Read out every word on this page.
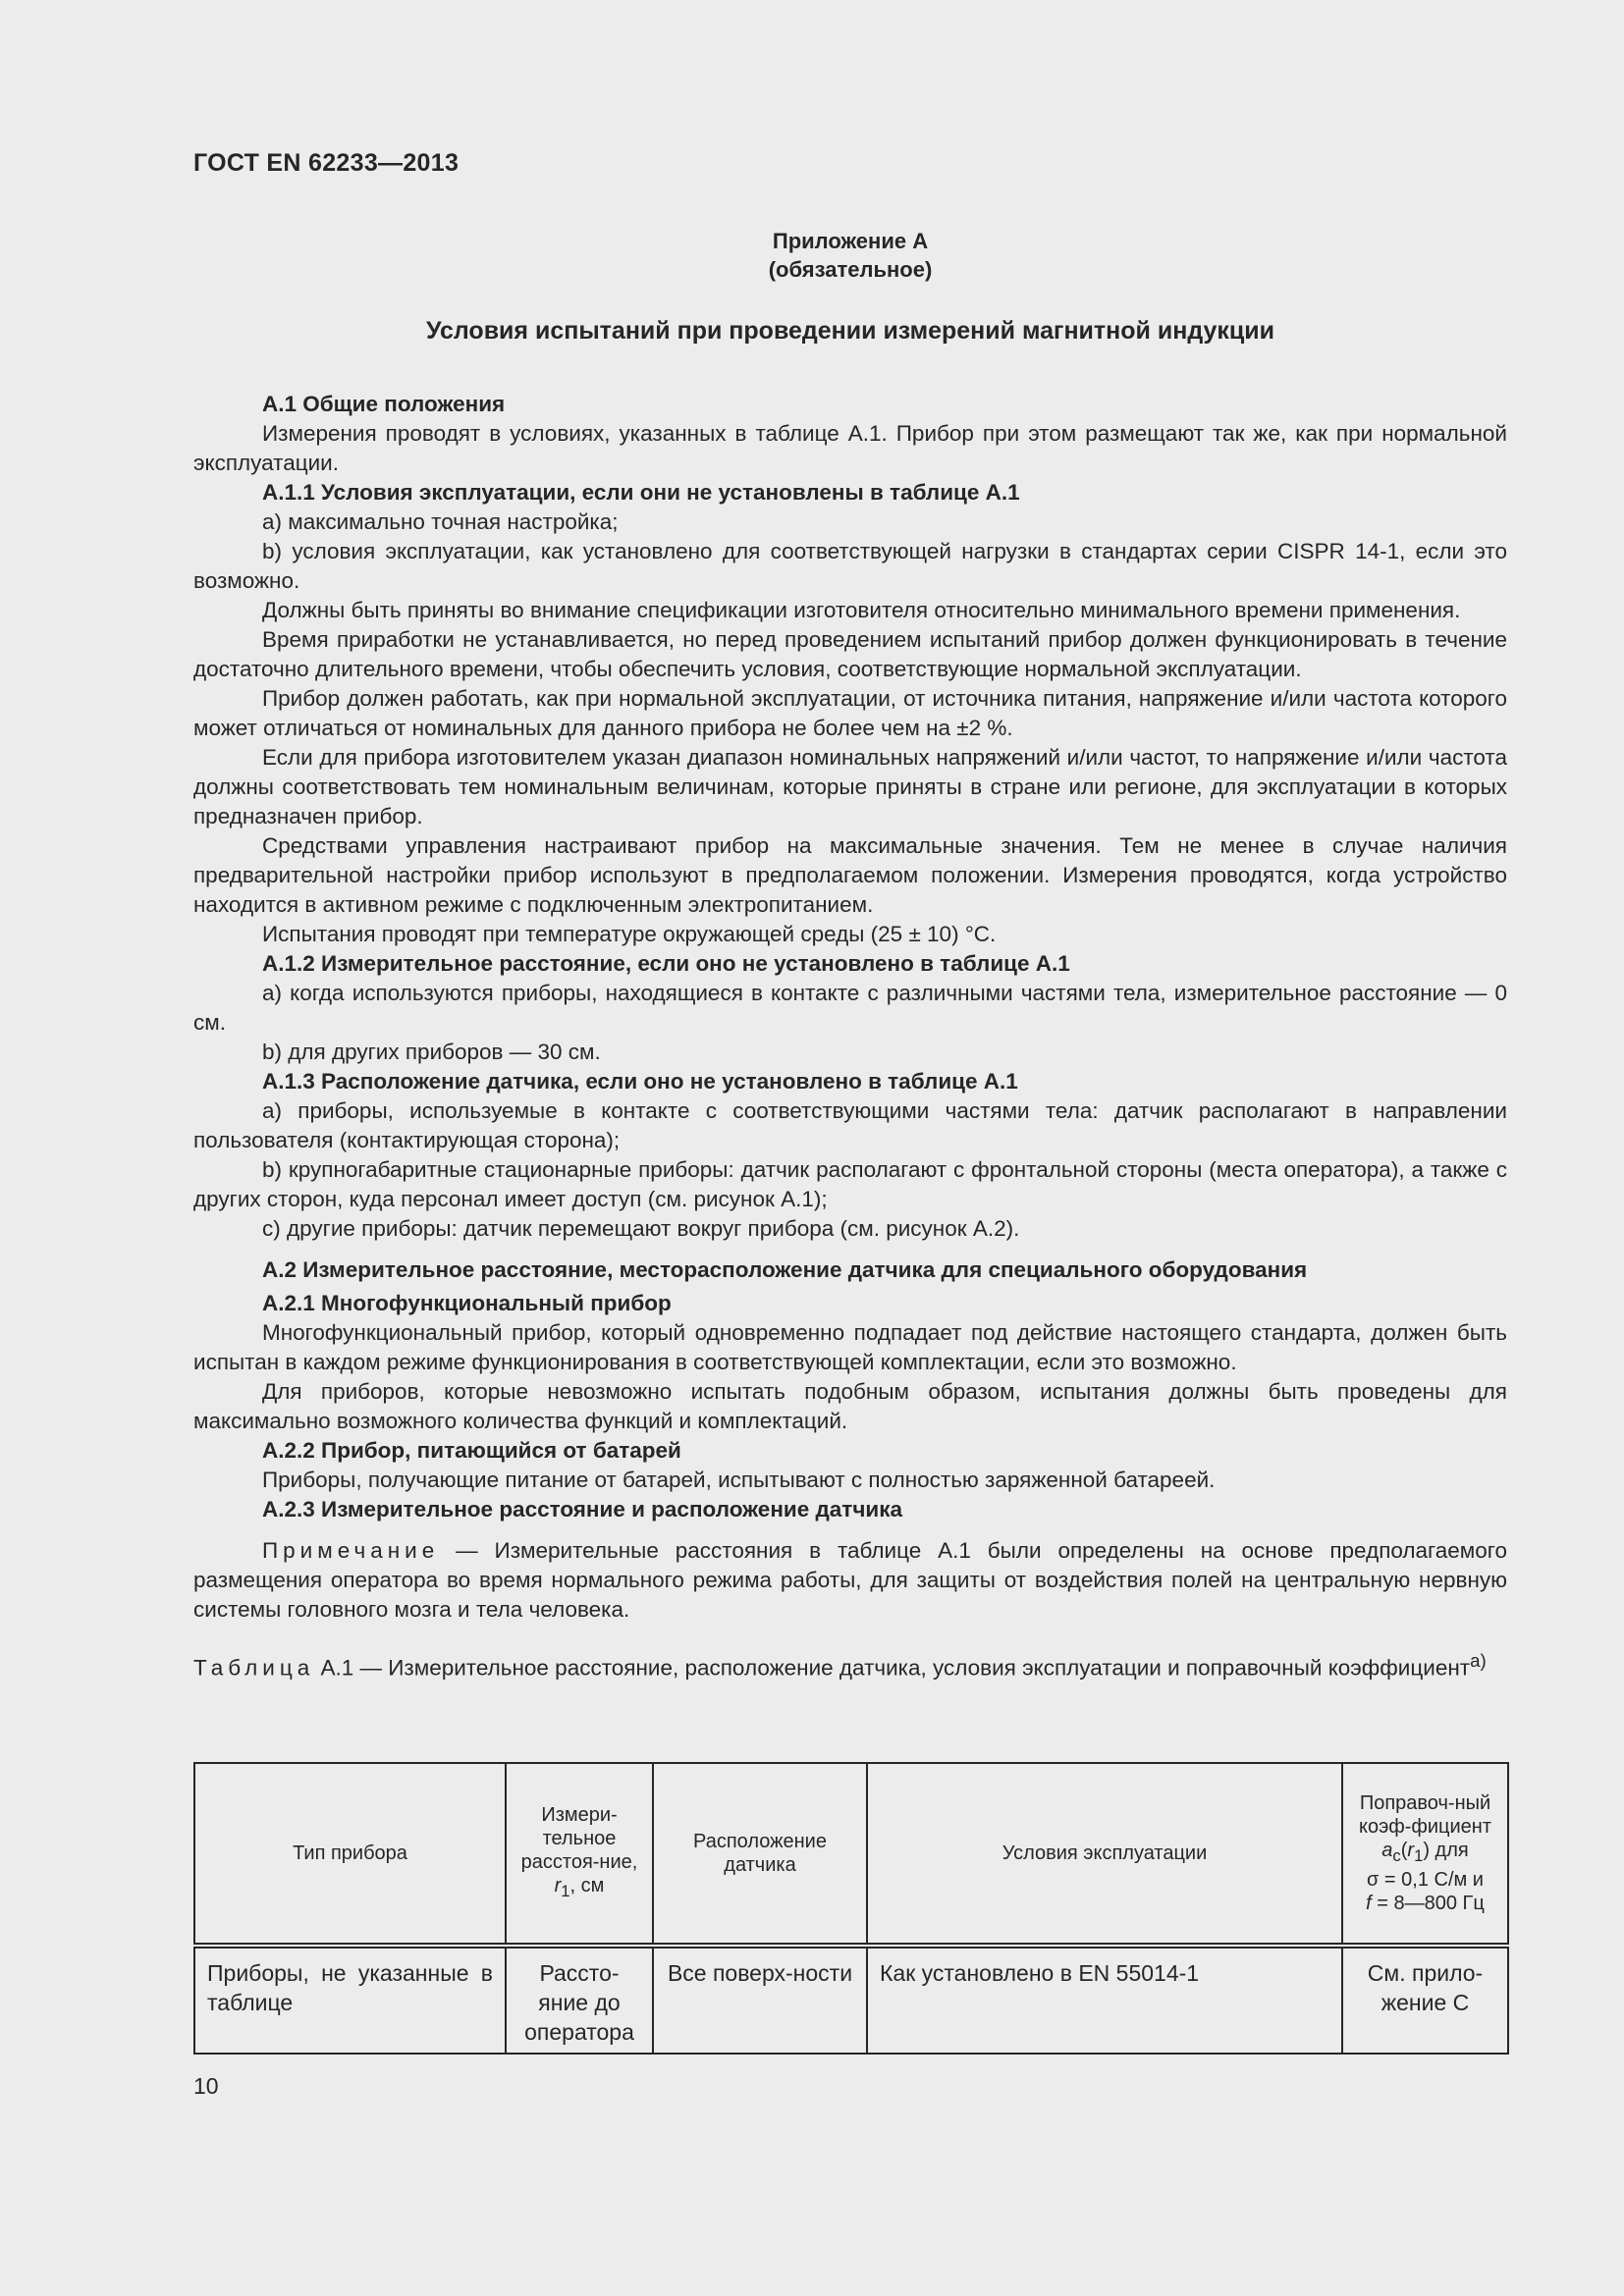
ГОСТ EN 62233—2013
Приложение А
(обязательное)
Условия испытаний при проведении измерений магнитной индукции

А.1 Общие положения

Измерения проводят в условиях, указанных в таблице А.1. Прибор при этом размещают так же, как при нормальной эксплуатации.

А.1.1 Условия эксплуатации, если они не установлены в таблице А.1

a) максимально точная настройка;

b) условия эксплуатации, как установлено для соответствующей нагрузки в стандартах серии CISPR 14-1, если это возможно.

Должны быть приняты во внимание спецификации изготовителя относительно минимального времени применения.

Время приработки не устанавливается, но перед проведением испытаний прибор должен функционировать в течение достаточно длительного времени, чтобы обеспечить условия, соответствующие нормальной эксплуатации.

Прибор должен работать, как при нормальной эксплуатации, от источника питания, напряжение и/или частота которого может отличаться от номинальных для данного прибора не более чем на ±2 %.

Если для прибора изготовителем указан диапазон номинальных напряжений и/или частот, то напряжение и/или частота должны соответствовать тем номинальным величинам, которые приняты в стране или регионе, для эксплуатации в которых предназначен прибор.

Средствами управления настраивают прибор на максимальные значения. Тем не менее в случае наличия предварительной настройки прибор используют в предполагаемом положении. Измерения проводятся, когда устройство находится в активном режиме с подключенным электропитанием.

Испытания проводят при температуре окружающей среды (25 ± 10) °С.

А.1.2 Измерительное расстояние, если оно не установлено в таблице А.1

a) когда используются приборы, находящиеся в контакте с различными частями тела, измерительное расстояние — 0 см.

b) для других приборов — 30 см.

А.1.3 Расположение датчика, если оно не установлено в таблице А.1

a) приборы, используемые в контакте с соответствующими частями тела: датчик располагают в направлении пользователя (контактирующая сторона);

b) крупногабаритные стационарные приборы: датчик располагают с фронтальной стороны (места оператора), а также с других сторон, куда персонал имеет доступ (см. рисунок А.1);

с) другие приборы: датчик перемещают вокруг прибора (см. рисунок А.2).

А.2 Измерительное расстояние, месторасположение датчика для специального оборудования

А.2.1 Многофункциональный прибор

Многофункциональный прибор, который одновременно подпадает под действие настоящего стандарта, должен быть испытан в каждом режиме функционирования в соответствующей комплектации, если это возможно.

Для приборов, которые невозможно испытать подобным образом, испытания должны быть проведены для максимально возможного количества функций и комплектаций.

А.2.2 Прибор, питающийся от батарей

Приборы, получающие питание от батарей, испытывают с полностью заряженной батареей.

А.2.3 Измерительное расстояние и расположение датчика

Примечание — Измерительные расстояния в таблице А.1 были определены на основе предполагаемого размещения оператора во время нормального режима работы, для защиты от воздействия полей на центральную нервную системы головного мозга и тела человека.

Таблица А.1 — Измерительное расстояние, расположение датчика, условия эксплуатации и поправочный коэффициент$^{a)}$

Тип прибора	Измери-тельное расстоя-ние, $r_1$, см	Расположение датчика	Условия эксплуатации	Поправоч-ный коэф-фициент $a_c(r_1)$ для
σ = 0,1 С/м и
f = 8—800 Гц
Приборы, не указанные в таблице	Рассто-яние до оператора	Все поверх-ности	Как установлено в EN 55014-1	См. прило-жение С
10
